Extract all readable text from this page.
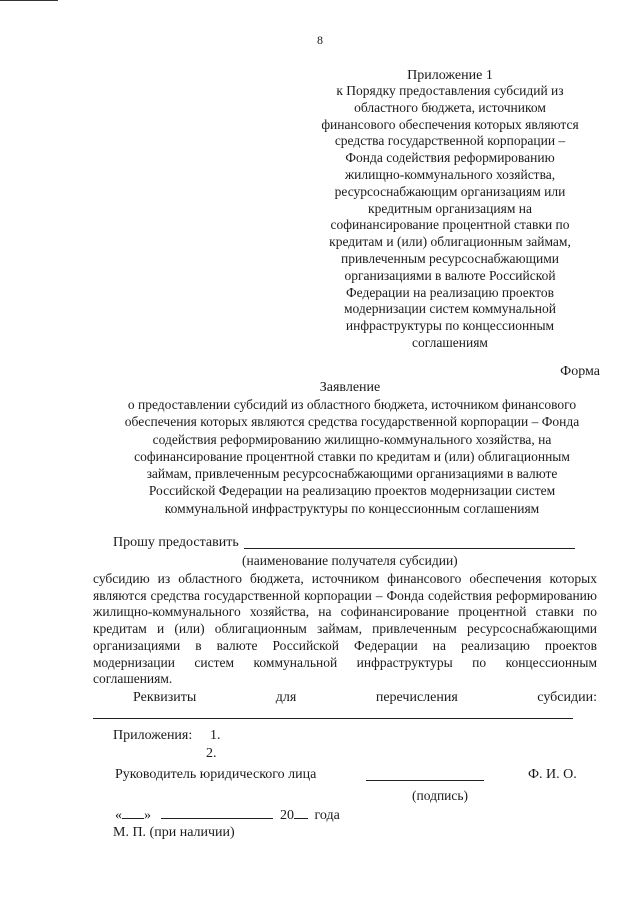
8
Приложение 1
к Порядку предоставления субсидий из
областного бюджета, источником
финансового обеспечения которых являются
средства государственной корпорации –
Фонда содействия реформированию
жилищно-коммунального хозяйства,
ресурсоснабжающим организациям или
кредитным организациям на
софинансирование процентной ставки по
кредитам и (или) облигационным займам,
привлеченным ресурсоснабжающими
организациями в валюте Российской
Федерации на реализацию проектов
модернизации систем коммунальной
инфраструктуры по концессионным
соглашениям
Форма
Заявление
о предоставлении субсидий из областного бюджета, источником финансового
обеспечения которых являются средства государственной корпорации – Фонда
содействия реформированию жилищно-коммунального хозяйства, на
софинансирование процентной ставки по кредитам и (или) облигационным
займам, привлеченным ресурсоснабжающими организациями в валюте
Российской Федерации на реализацию проектов модернизации систем
коммунальной инфраструктуры по концессионным соглашениям
Прошу предоставить
(наименование получателя субсидии)
субсидию из областного бюджета, источником финансового обеспечения которых являются средства государственной корпорации – Фонда содействия реформированию жилищно-коммунального хозяйства, на софинансирование процентной ставки по кредитам и (или) облигационным займам, привлеченным ресурсоснабжающими организациями в валюте Российской Федерации на реализацию проектов модернизации систем коммунальной инфраструктуры по концессионным соглашениям.
Реквизиты	для	перечисления	субсидии:
Приложения: 1.
2.
Руководитель юридического лица	Ф. И. О.
(подпись)
« »	20 года
М. П. (при наличии)
